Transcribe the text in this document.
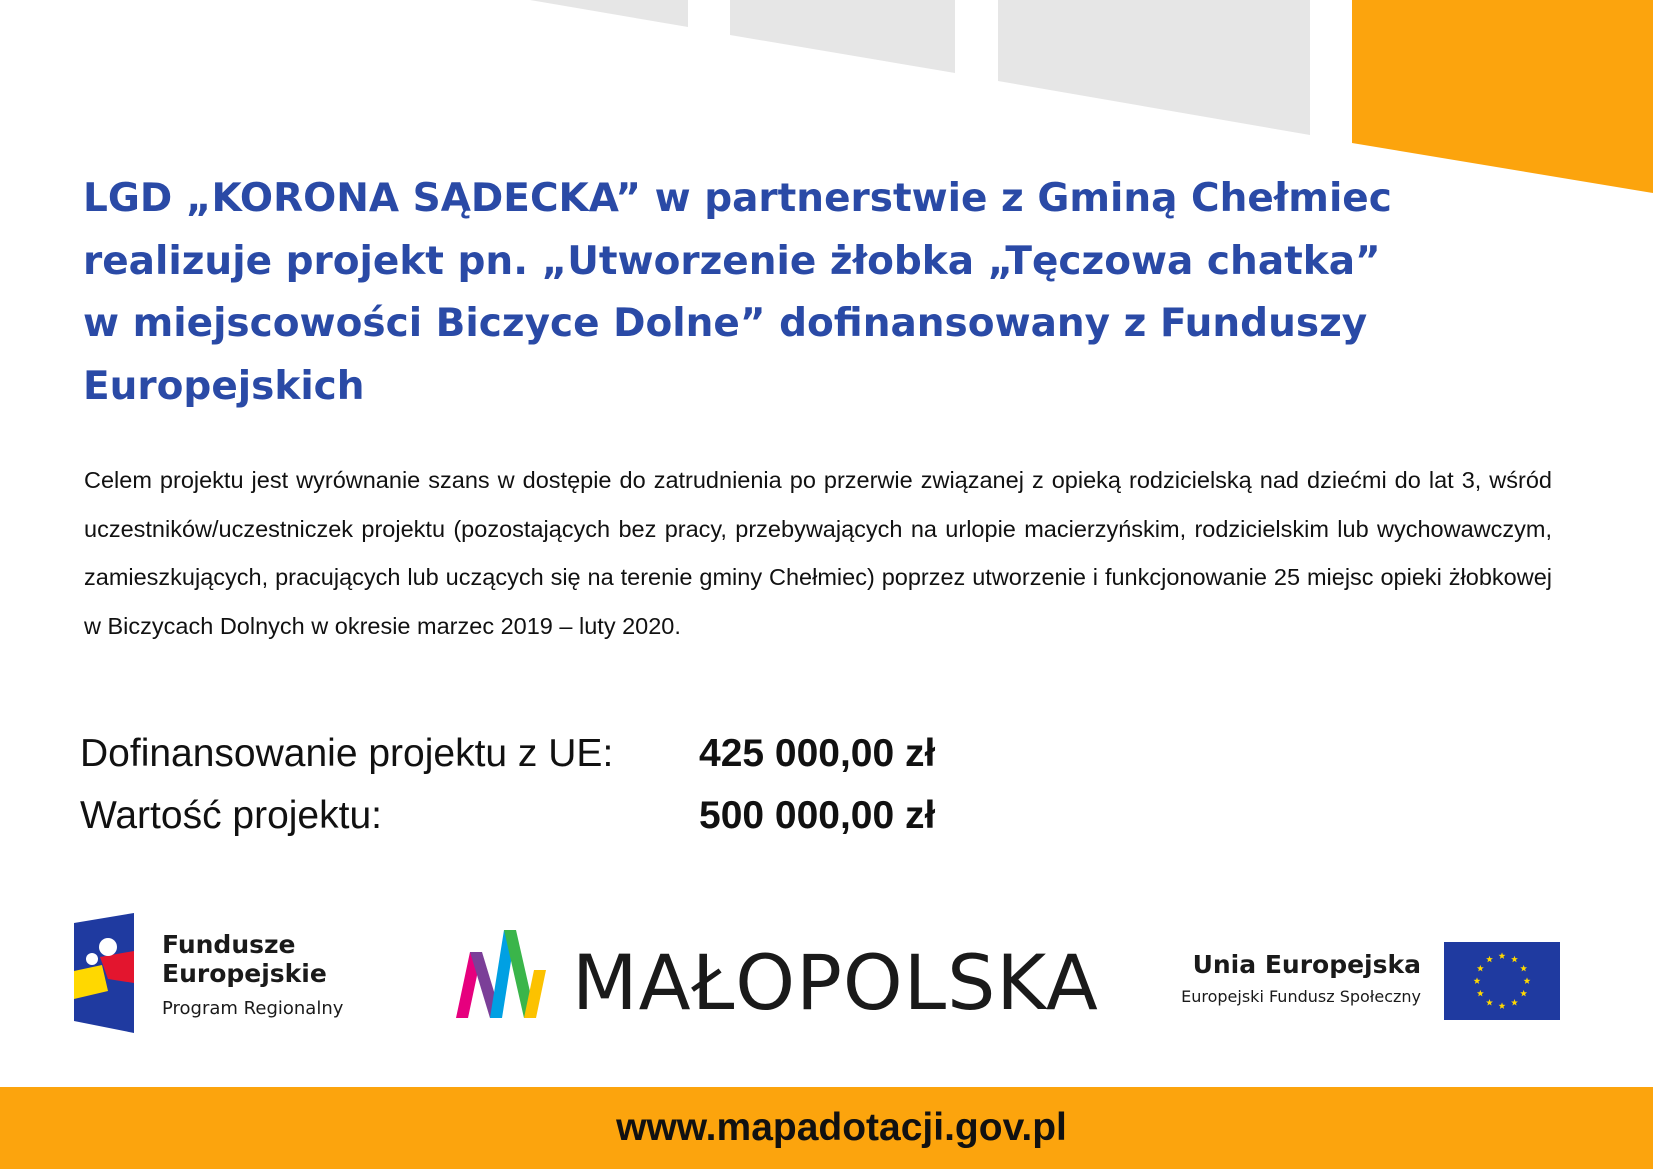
LGD „KORONA SĄDECKA” w partnerstwie z Gminą Chełmiec
realizuje projekt pn. „Utworzenie żłobka „Tęczowa chatka”
w miejscowości Biczyce Dolne” dofinansowany z Funduszy
Europejskich

Celem projektu jest wyrównanie szans w dostępie do zatrudnienia po przerwie związanej z opieką rodzicielską nad dziećmi do lat 3, wśród uczestników/uczestniczek projektu (pozostających bez pracy, przebywających na urlopie macierzyńskim, rodzicielskim lub wychowawczym, zamieszkujących, pracujących lub uczących się na terenie gminy Chełmiec) poprzez utworzenie i funkcjonowanie 25 miejsc opieki żłobkowej w Biczycach Dolnych w okresie marzec 2019 – luty 2020.

Dofinansowanie projektu z UE: 425 000,00 zł
Wartość projektu:	500 000,00 zł
Fundusze
Europejskie
Program Regionalny	MAŁOPOLSKA	Unia Europejska
Europejski Fundusz Społeczny
www.mapadotacji.gov.pl
